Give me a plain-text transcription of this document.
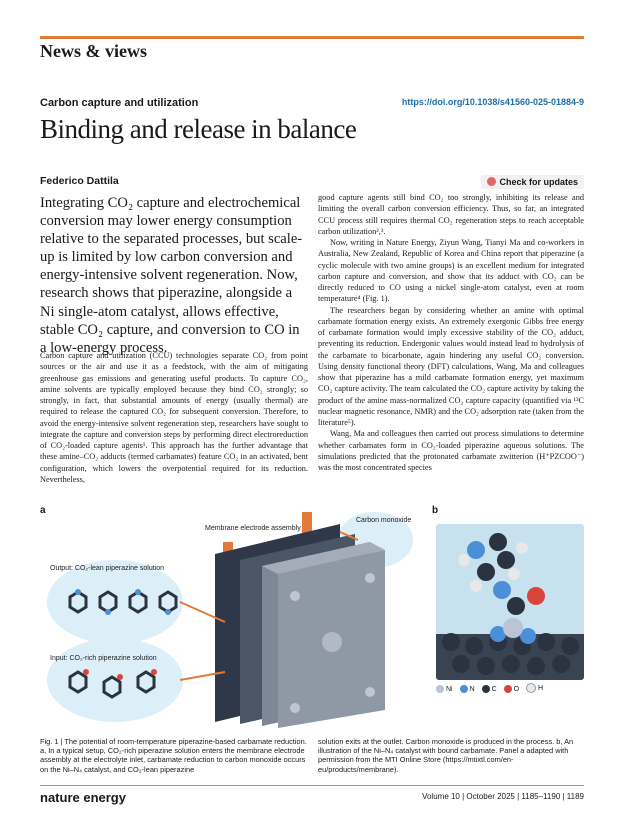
News & views
Carbon capture and utilization	https://doi.org/10.1038/s41560-025-01884-9
Binding and release in balance
Federico Dattila	Check for updates
Integrating CO₂ capture and electrochemical conversion may lower energy consumption relative to the separated processes, but scale-up is limited by low carbon conversion and energy-intensive solvent regeneration. Now, research shows that piperazine, alongside a Ni single-atom catalyst, allows effective, stable CO₂ capture, and conversion to CO in a low-energy process.

Carbon capture and utilization (CCU) technologies separate CO₂ from point sources or the air and use it as a feedstock, with the aim of mitigating greenhouse gas emissions and generating useful products. To capture CO₂, amine solvents are typically employed because they bind CO₂ strongly; so strongly, in fact, that substantial amounts of energy (usually thermal) are required to release the captured CO₂ for subsequent conversion. Therefore, to avoid the energy-intensive solvent regeneration step, researchers have sought to integrate the capture and conversion steps by performing direct electroreduction of CO₂-loaded capture agents¹. This approach has the further advantage that these amine–CO₂ adducts (termed carbamates) feature CO₂ in an activated, bent configuration, which lowers the overpotential required for its reduction. Nevertheless,

good capture agents still bind CO₂ too strongly, inhibiting its release and limiting the overall carbon conversion efficiency. Thus, so far, an integrated CCU process still requires thermal CO₂ regeneration steps to reach acceptable carbon utilization²,³.

Now, writing in Nature Energy, Ziyun Wang, Tianyi Ma and co-workers in Australia, New Zealand, Republic of Korea and China report that piperazine (a cyclic molecule with two amine groups) is an excellent medium for integrated carbon capture and conversion, and show that its adduct with CO₂ can be directly reduced to CO using a nickel single-atom catalyst, even at room temperature⁴ (Fig. 1).

The researchers began by considering whether an amine with optimal carbamate formation energy exists. An extremely exergonic Gibbs free energy of carbamate formation would imply excessive stability of the CO₂ adduct, preventing its reduction. Endergonic values would instead lead to hydrolysis of the carbamate to bicarbonate, again hindering any useful CO₂ conversion. Using density functional theory (DFT) calculations, Wang, Ma and colleagues show that piperazine has a mild carbamate formation energy, yet maximum CO₂ capture activity. The team calculated the CO₂ capture activity by taking the product of the amine mass-normalized CO₂ capture capacity (quantified via ¹³C nuclear magnetic resonance, NMR) and the CO₂ adsorption rate (taken from the literature⁵).

Wang, Ma and colleagues then carried out process simulations to determine whether carbamates form in CO₂-loaded piperazine aqueous solutions. The simulations predicted that the protonated carbamate zwitterion (H⁺PZCOO⁻) was the most concentrated species

a	b
Output: CO₂-lean piperazine solution
Input: CO₂-rich piperazine solution
Membrane electrode assembly
Carbon monoxide
Ni
N
C
O
	H
Fig. 1 | The potential of room-temperature piperazine-based carbamate reduction. a, In a typical setup, CO₂-rich piperazine solution enters the membrane electrode assembly at the electrolyte inlet, carbamate reduction to carbon monoxide occurs on the Ni–N₄ catalyst, and CO₂-lean piperazine
solution exits at the outlet. Carbon monoxide is produced in the process. b, An illustration of the Ni–N₄ catalyst with bound carbamate. Panel a adapted with permission from the MTI Online Store (https://mtixtl.com/en-eu/products/membrane).
nature energy	Volume 10 | October 2025 | 1185–1190 | 1189
